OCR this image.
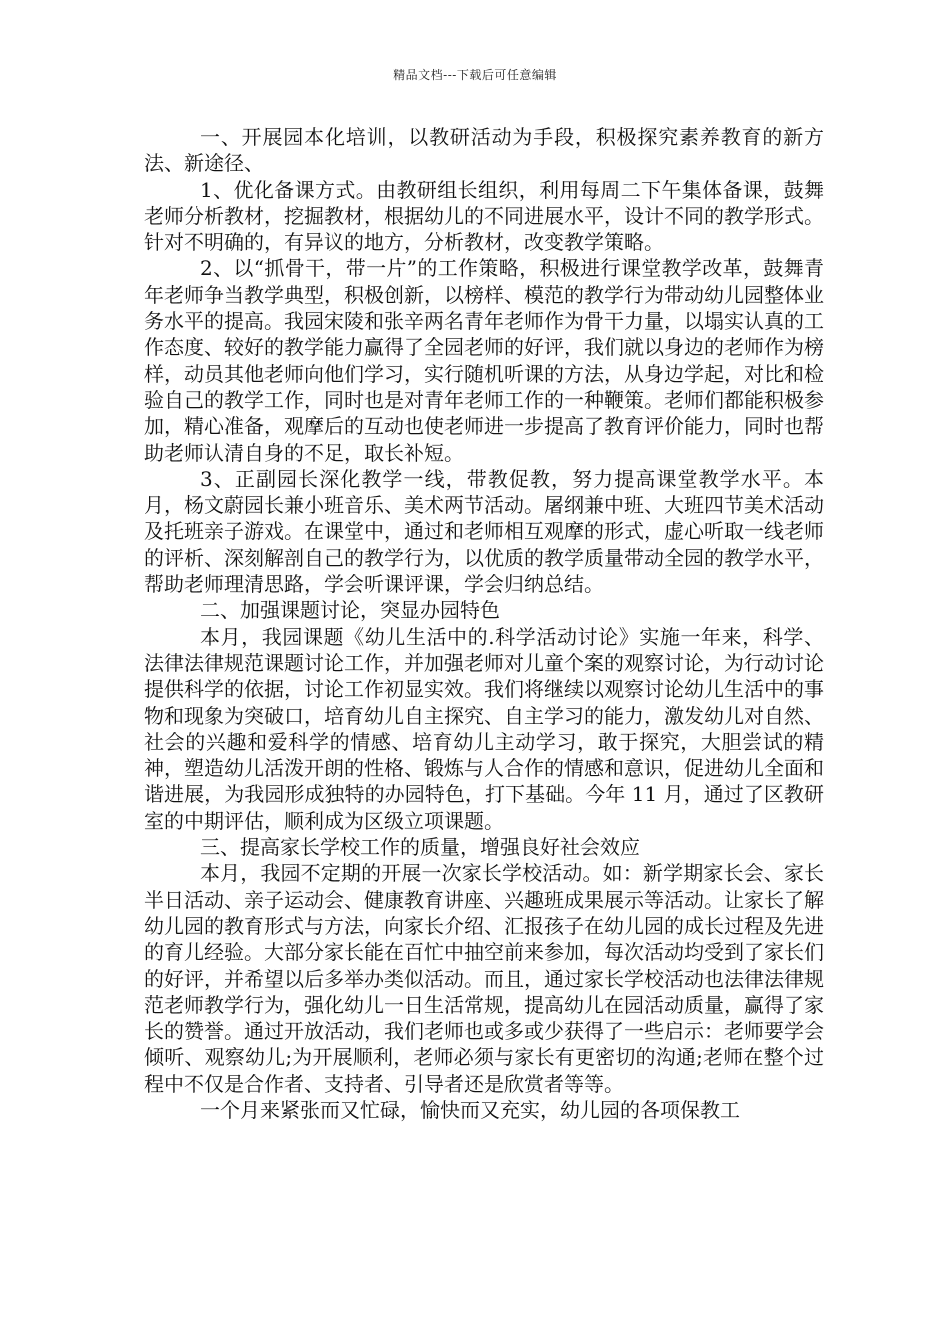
精品文档---下载后可任意编辑

一、开展园本化培训，以教研活动为手段，积极探究素养教育的新方法、新途径、

1、优化备课方式。由教研组长组织，利用每周二下午集体备课，鼓舞老师分析教材，挖掘教材，根据幼儿的不同进展水平，设计不同的教学形式。针对不明确的，有异议的地方，分析教材，改变教学策略。

2、以“抓骨干，带一片”的工作策略，积极进行课堂教学改革，鼓舞青年老师争当教学典型，积极创新，以榜样、模范的教学行为带动幼儿园整体业务水平的提高。我园宋陵和张辛两名青年老师作为骨干力量，以塌实认真的工作态度、较好的教学能力赢得了全园老师的好评，我们就以身边的老师作为榜样，动员其他老师向他们学习，实行随机听课的方法，从身边学起，对比和检验自己的教学工作，同时也是对青年老师工作的一种鞭策。老师们都能积极参加，精心准备，观摩后的互动也使老师进一步提高了教育评价能力，同时也帮助老师认清自身的不足，取长补短。

3、正副园长深化教学一线，带教促教，努力提高课堂教学水平。本月，杨文蔚园长兼小班音乐、美术两节活动。屠纲兼中班、大班四节美术活动及托班亲子游戏。在课堂中，通过和老师相互观摩的形式，虚心听取一线老师的评析、深刻解剖自己的教学行为，以优质的教学质量带动全园的教学水平，帮助老师理清思路，学会听课评课，学会归纳总结。

二、加强课题讨论，突显办园特色

本月，我园课题《幼儿生活中的.科学活动讨论》实施一年来，科学、法律法律规范课题讨论工作，并加强老师对儿童个案的观察讨论，为行动讨论提供科学的依据，讨论工作初显实效。我们将继续以观察讨论幼儿生活中的事物和现象为突破口，培育幼儿自主探究、自主学习的能力，激发幼儿对自然、社会的兴趣和爱科学的情感、培育幼儿主动学习，敢于探究，大胆尝试的精神，塑造幼儿活泼开朗的性格、锻炼与人合作的情感和意识，促进幼儿全面和谐进展，为我园形成独特的办园特色，打下基础。今年 11 月，通过了区教研室的中期评估，顺利成为区级立项课题。

三、提高家长学校工作的质量，增强良好社会效应

本月，我园不定期的开展一次家长学校活动。如：新学期家长会、家长半日活动、亲子运动会、健康教育讲座、兴趣班成果展示等活动。让家长了解幼儿园的教育形式与方法，向家长介绍、汇报孩子在幼儿园的成长过程及先进的育儿经验。大部分家长能在百忙中抽空前来参加，每次活动均受到了家长们的好评，并希望以后多举办类似活动。而且，通过家长学校活动也法律法律规范老师教学行为，强化幼儿一日生活常规，提高幼儿在园活动质量，赢得了家长的赞誉。通过开放活动，我们老师也或多或少获得了一些启示：老师要学会倾听、观察幼儿;为开展顺利，老师必须与家长有更密切的沟通;老师在整个过程中不仅是合作者、支持者、引导者还是欣赏者等等。

一个月来紧张而又忙碌，愉快而又充实，幼儿园的各项保教工
